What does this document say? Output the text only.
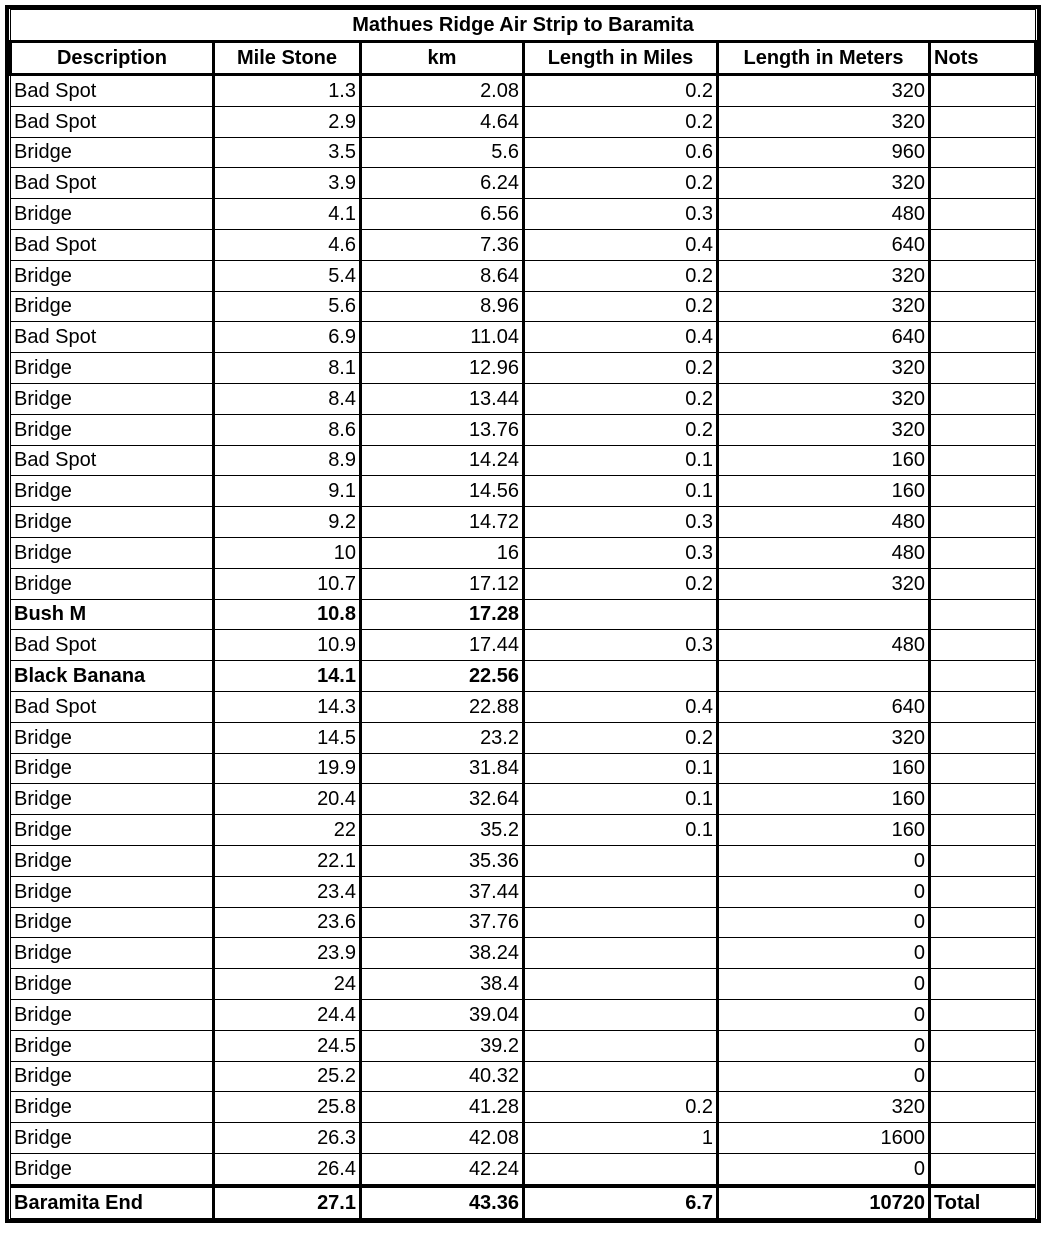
Mathues Ridge Air Strip to Baramita					
Description	Mile Stone	km	Length in Miles	Length in Meters	Nots
Bad Spot	1.3	2.08	0.2	320	
Bad Spot	2.9	4.64	0.2	320	
Bridge	3.5	5.6	0.6	960	
Bad Spot	3.9	6.24	0.2	320	
Bridge	4.1	6.56	0.3	480	
Bad Spot	4.6	7.36	0.4	640	
Bridge	5.4	8.64	0.2	320	
Bridge	5.6	8.96	0.2	320	
Bad Spot	6.9	11.04	0.4	640	
Bridge	8.1	12.96	0.2	320	
Bridge	8.4	13.44	0.2	320	
Bridge	8.6	13.76	0.2	320	
Bad Spot	8.9	14.24	0.1	160	
Bridge	9.1	14.56	0.1	160	
Bridge	9.2	14.72	0.3	480	
Bridge	10	16	0.3	480	
Bridge	10.7	17.12	0.2	320	
Bush M	10.8	17.28			
Bad Spot	10.9	17.44	0.3	480	
Black Banana	14.1	22.56			
Bad Spot	14.3	22.88	0.4	640	
Bridge	14.5	23.2	0.2	320	
Bridge	19.9	31.84	0.1	160	
Bridge	20.4	32.64	0.1	160	
Bridge	22	35.2	0.1	160	
Bridge	22.1	35.36		0	
Bridge	23.4	37.44		0	
Bridge	23.6	37.76		0	
Bridge	23.9	38.24		0	
Bridge	24	38.4		0	
Bridge	24.4	39.04		0	
Bridge	24.5	39.2		0	
Bridge	25.2	40.32		0	
Bridge	25.8	41.28	0.2	320	
Bridge	26.3	42.08	1	1600	
Bridge	26.4	42.24		0	
Baramita End	27.1	43.36	6.7	10720	Total
